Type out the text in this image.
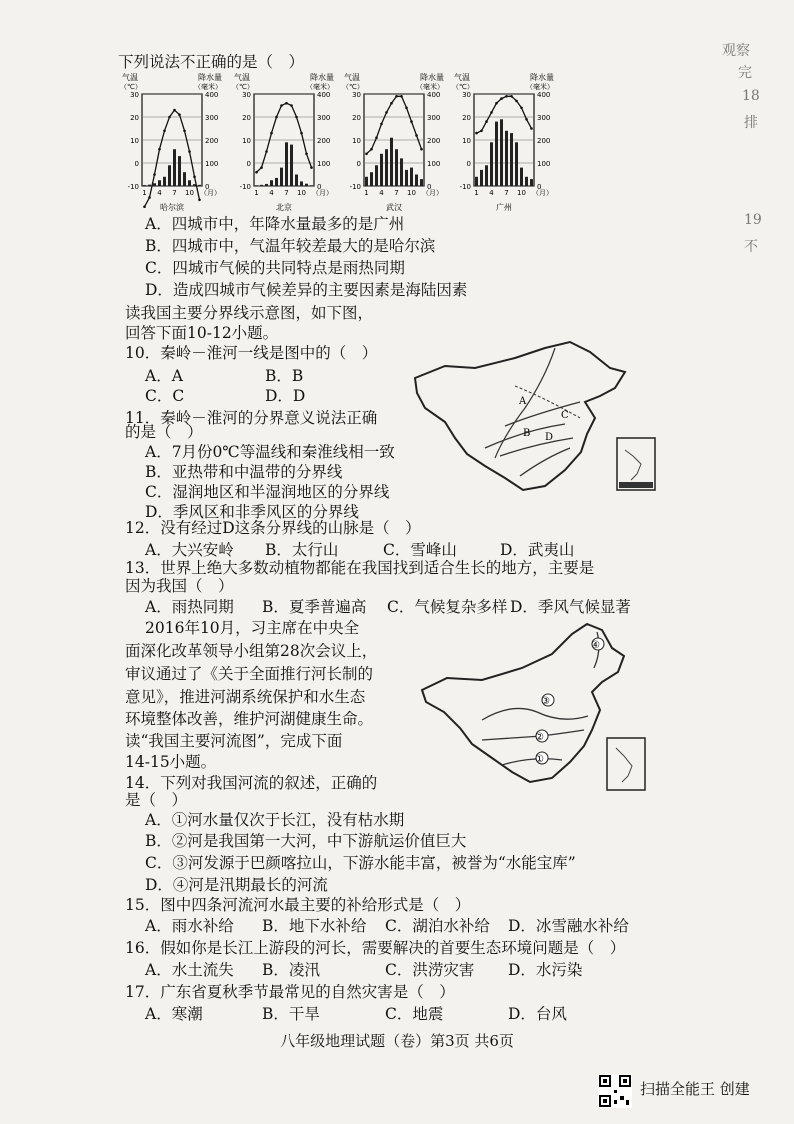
下列说法不正确的是（　）
气温
（℃）
降水量
（毫米）
30
20
10
0
-10
400
300
200
100
0
1 4 7 10 （月）
哈尔滨
气温
（℃）
降水量
（毫米）
30
20
10
0
-10
400
300
200
100
0
1 4 7 10 （月）
北京
气温
（℃）
降水量
（毫米）
30
20
10
0
-10
400
300
200
100
0
1 4 7 10 （月）
武汉
气温
（℃）
降水量
（毫米）
30
20
10
0
-10
400
300
200
100
0
1 4 7 10 （月）
广州
A．四城市中，年降水量最多的是广州
B．四城市中，气温年较差最大的是哈尔滨
C．四城市气候的共同特点是雨热同期
D．造成四城市气候差异的主要因素是海陆因素
读我国主要分界线示意图，如下图，
回答下面10-12小题。
10．秦岭－淮河一线是图中的（　）
A．A	B．B
C．C	D．D
11．秦岭－淮河的分界意义说法正确
的是（　）
A．7月份0℃等温线和秦淮线相一致
B．亚热带和中温带的分界线
C．湿润地区和半湿润地区的分界线
D．季风区和非季风区的分界线
12．没有经过D这条分界线的山脉是（　）
A．大兴安岭 B．太行山	C．雪峰山	D．武夷山
13．世界上绝大多数动植物都能在我国找到适合生长的地方，主要是
因为我国（　）
A．雨热同期 B．夏季普遍高 C．气候复杂多样 D．季风气候显著
2016年10月，习主席在中央全
面深化改革领导小组第28次会议上，
审议通过了《关于全面推行河长制的
意见》，推进河湖系统保护和水生态
环境整体改善，维护河湖健康生命。
读“我国主要河流图”，完成下面
14-15小题。
14．下列对我国河流的叙述，正确的
是（　）
A．①河水量仅次于长江，没有枯水期
B．②河是我国第一大河，中下游航运价值巨大
C．③河发源于巴颜喀拉山，下游水能丰富，被誉为“水能宝库”
D．④河是汛期最长的河流
15．图中四条河流河水最主要的补给形式是（　）
A．雨水补给 B．地下水补给 C．湖泊水补给 D．冰雪融水补给
16．假如你是长江上游段的河长，需要解决的首要生态环境问题是（　）
A．水土流失 B．凌汛	C．洪涝灾害 D．水污染
17．广东省夏秋季节最常见的自然灾害是（　）
A．寒潮	B．干旱	C．地震	D．台风
A
B
C
D
④
③
②
①
观察
完
18
排
19
不
八年级地理试题（卷）第3页 共6页
扫描全能王 创建
